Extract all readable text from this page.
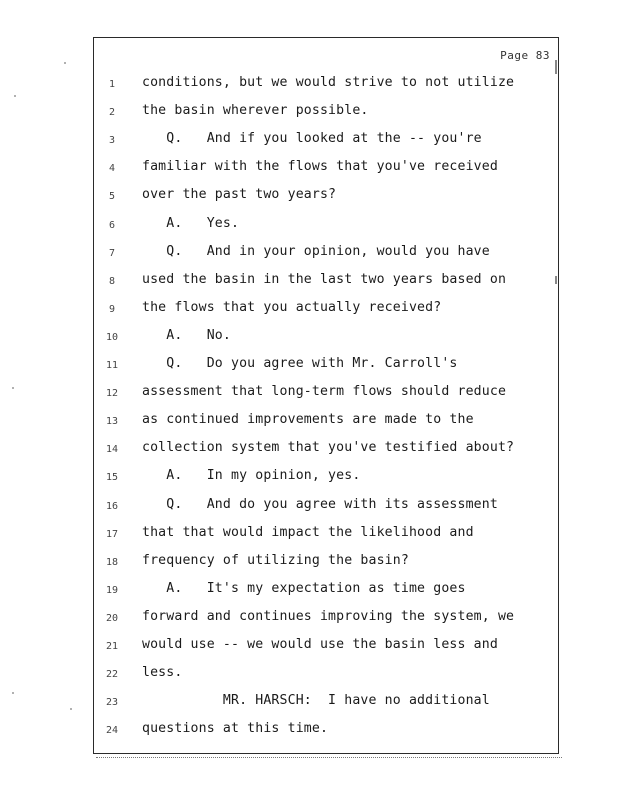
Page 83
1	conditions, but we would strive to not utilize
2	the basin wherever possible.
3	Q.   And if you looked at the -- you're
4	familiar with the flows that you've received
5	over the past two years?
6	A.   Yes.
7	Q.   And in your opinion, would you have
8	used the basin in the last two years based on
9	the flows that you actually received?
10	A.   No.
11	Q.   Do you agree with Mr. Carroll's
12	assessment that long-term flows should reduce
13	as continued improvements are made to the
14	collection system that you've testified about?
15	A.   In my opinion, yes.
16	Q.   And do you agree with its assessment
17	that that would impact the likelihood and
18	frequency of utilizing the basin?
19	A.   It's my expectation as time goes
20	forward and continues improving the system, we
21	would use -- we would use the basin less and
22	less.
23	MR. HARSCH:  I have no additional
24	questions at this time.
